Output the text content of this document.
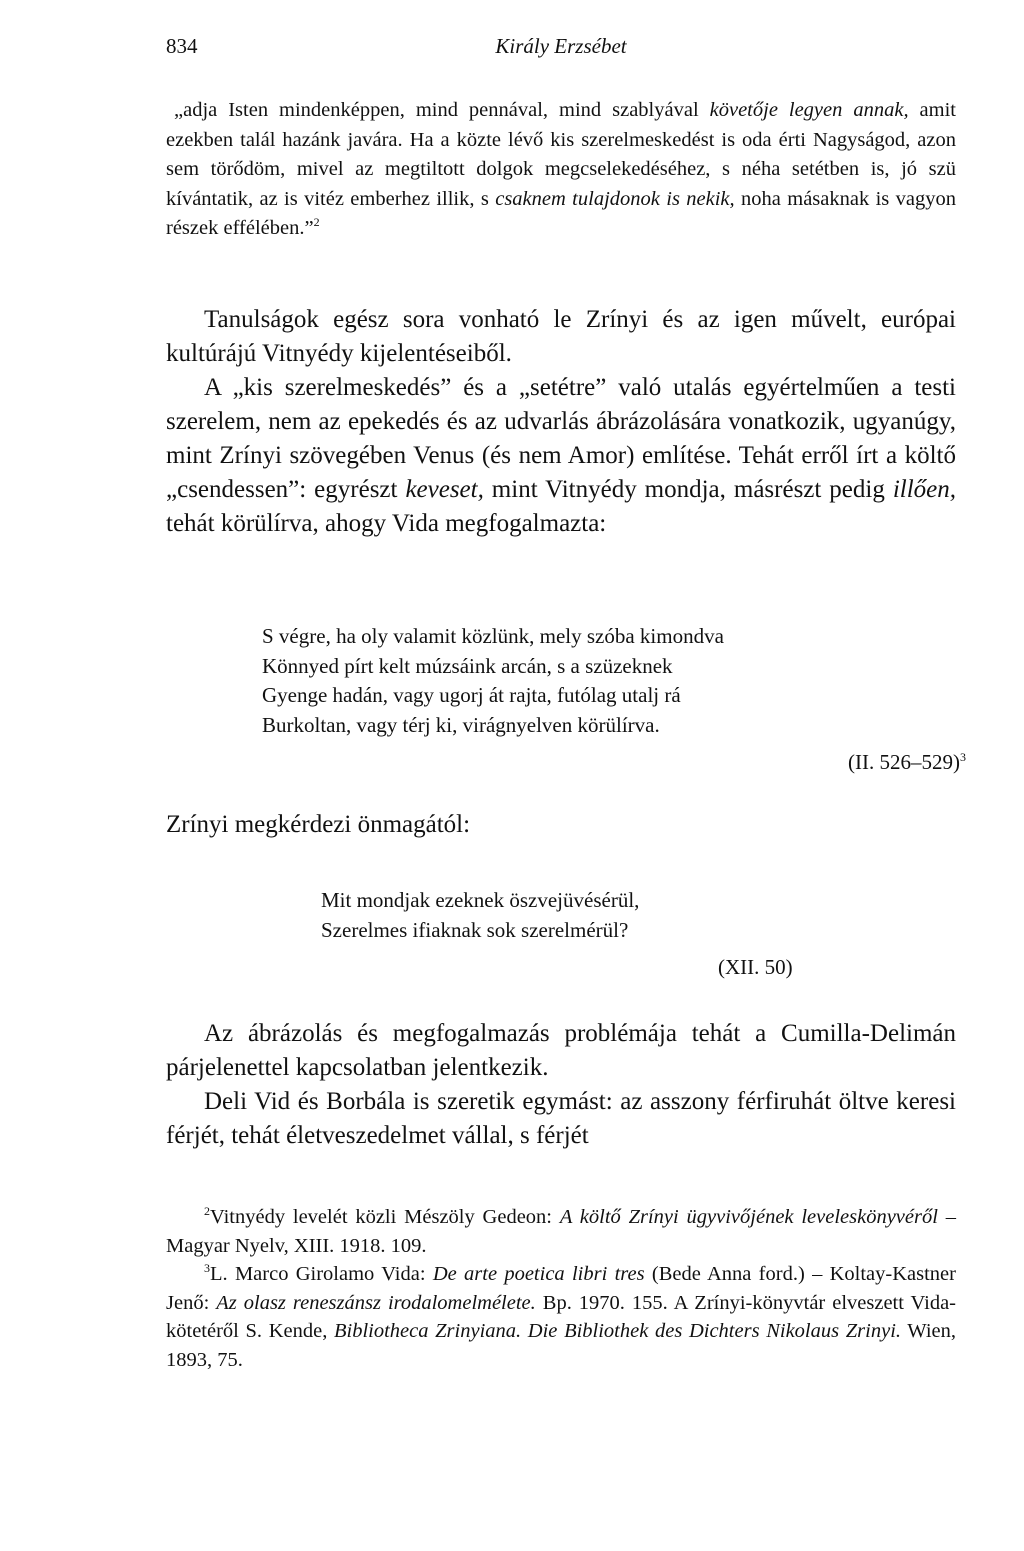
834	Király Erzsébet
„adja Isten mindenképpen, mind pennával, mind szablyával követője legyen annak, amit ezekben talál hazánk javára. Ha a közte lévő kis szerelmeskedést is oda érti Nagyságod, azon sem törődöm, mivel az megtiltott dolgok megcselekedéséhez, s néha setétben is, jó szü kívántatik, az is vitéz emberhez illik, s csaknem tulajdonok is nekik, noha másaknak is vagyon részek effélében.”$^2$

Tanulságok egész sora vonható le Zrínyi és az igen művelt, európai kultúrájú Vitnyédy kijelentéseiből.

A „kis szerelmeskedés” és a „setétre” való utalás egyértelműen a testi szerelem, nem az epekedés és az udvarlás ábrázolására vonatkozik, ugyanúgy, mint Zrínyi szövegében Venus (és nem Amor) említése. Tehát erről írt a költő „csendessen”: egyrészt keveset, mint Vitnyédy mondja, másrészt pedig illően, tehát körülírva, ahogy Vida megfogalmazta:

S végre, ha oly valamit közlünk, mely szóba kimondva
Könnyed pírt kelt múzsáink arcán, s a szüzeknek
Gyenge hadán, vagy ugorj át rajta, futólag utalj rá
Burkoltan, vagy térj ki, virágnyelven körülírva.
(II. 526–529)$^3$
Zrínyi megkérdezi önmagától:
Mit mondjak ezeknek öszvejüvésérül,
Szerelmes ifiaknak sok szerelmérül?
(XII. 50)

Az ábrázolás és megfogalmazás problémája tehát a Cumilla-Delimán párjelenettel kapcsolatban jelentkezik.

Deli Vid és Borbála is szeretik egymást: az asszony férfiruhát öltve keresi férjét, tehát életveszedelmet vállal, s férjét

$^2$Vitnyédy levelét közli Mészöly Gedeon: A költő Zrínyi ügyvivőjének leveleskönyvéről – Magyar Nyelv, XIII. 1918. 109.

$^3$L. Marco Girolamo Vida: De arte poetica libri tres (Bede Anna ford.) – Koltay-Kastner Jenő: Az olasz reneszánsz irodalomelmélete. Bp. 1970. 155. A Zrínyi-könyvtár elveszett Vida-kötetéről S. Kende, Bibliotheca Zrinyiana. Die Bibliothek des Dichters Nikolaus Zrinyi. Wien, 1893, 75.
